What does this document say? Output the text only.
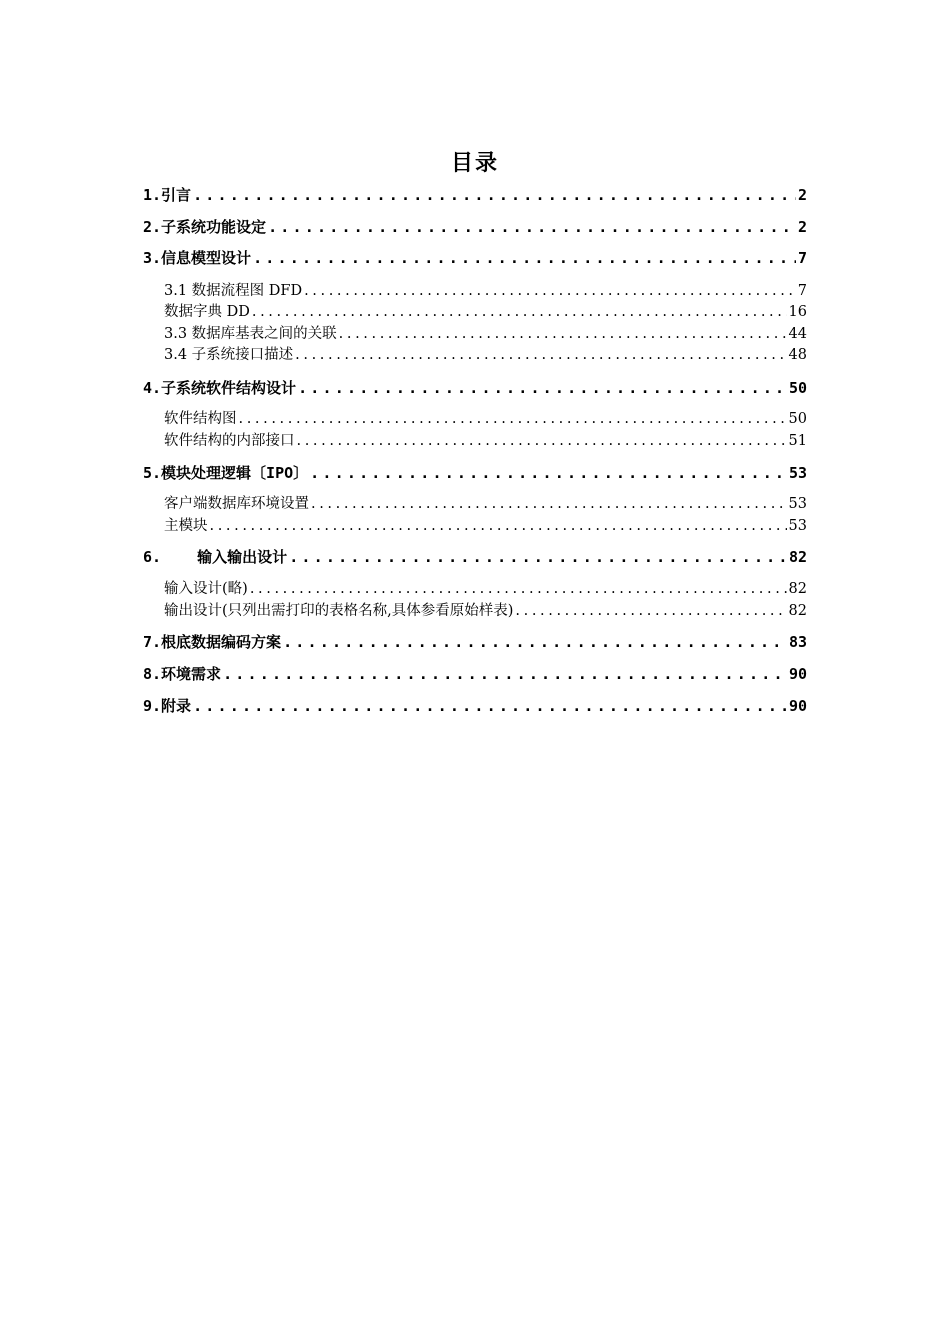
目录
1.引言 .....	2
2.子系统功能设定 .....	2
3.信息模型设计 .....	7
3.1 数据流程图 DFD .....	7
数据字典 DD .....	16
3.3 数据库基表之间的关联 .....	44
3.4 子系统接口描述 .....	48
4.子系统软件结构设计 .....	50
软件结构图 .....	50
软件结构的内部接口 .....	51
5.模块处理逻辑〔IPO〕 .....	53
客户端数据库环境设置 .....	53
主模块 .....	53
6.    输入输出设计 .....	82
输入设计(略) .....	82
输出设计(只列出需打印的表格名称,具体参看原始样表) .....	82
7.根底数据编码方案 .....	83
8.环境需求 .....	90
9.附录 .....	90
